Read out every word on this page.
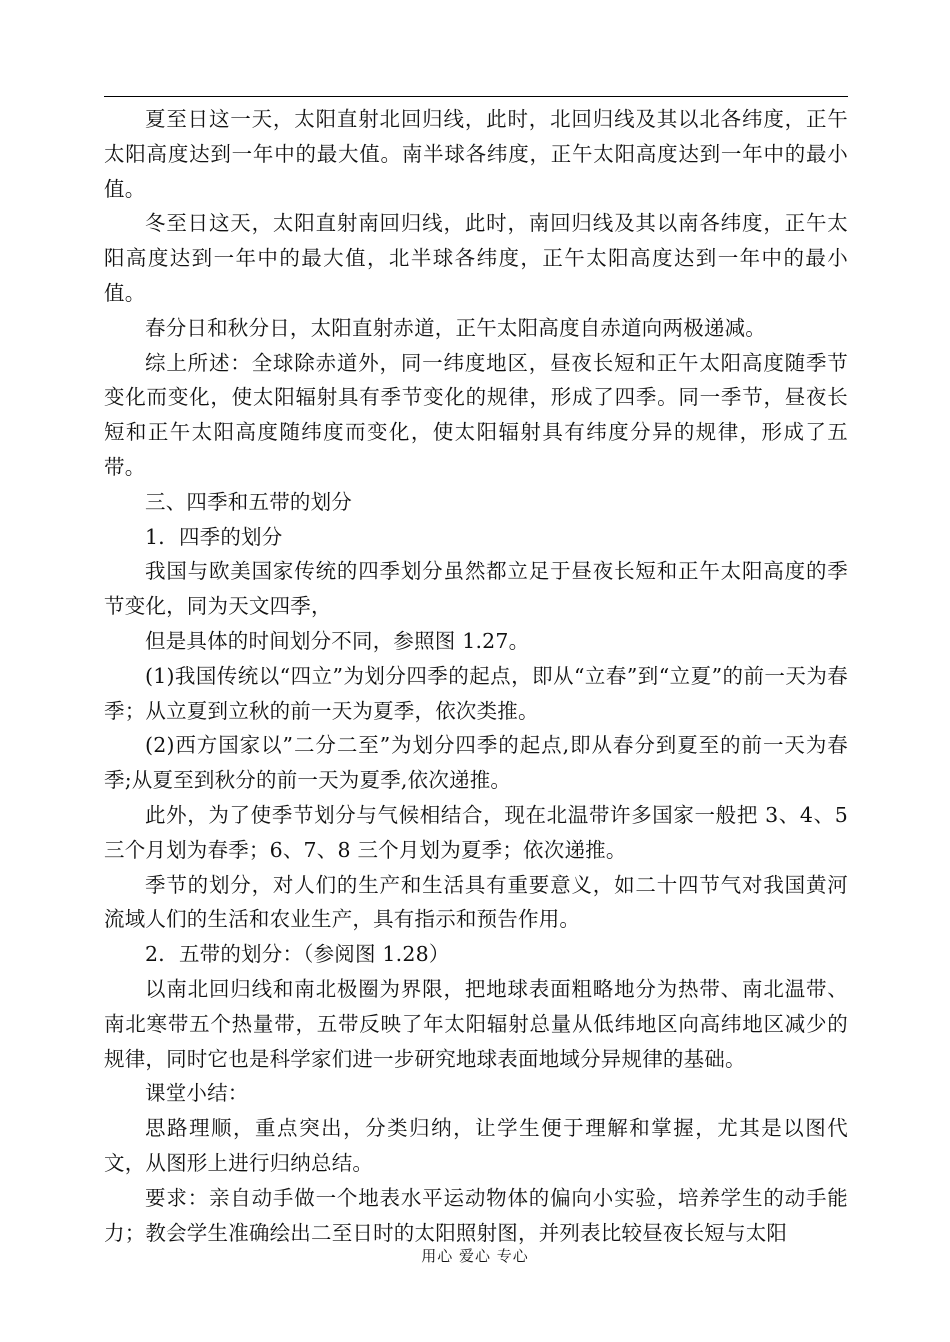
夏至日这一天，太阳直射北回归线，此时，北回归线及其以北各纬度，正午太阳高度达到一年中的最大值。南半球各纬度，正午太阳高度达到一年中的最小值。

冬至日这天，太阳直射南回归线，此时，南回归线及其以南各纬度，正午太阳高度达到一年中的最大值，北半球各纬度，正午太阳高度达到一年中的最小值。

春分日和秋分日，太阳直射赤道，正午太阳高度自赤道向两极递减。

综上所述：全球除赤道外，同一纬度地区，昼夜长短和正午太阳高度随季节变化而变化，使太阳辐射具有季节变化的规律，形成了四季。同一季节，昼夜长短和正午太阳高度随纬度而变化，使太阳辐射具有纬度分异的规律，形成了五带。

三、四季和五带的划分

1．四季的划分

我国与欧美国家传统的四季划分虽然都立足于昼夜长短和正午太阳高度的季节变化，同为天文四季，

但是具体的时间划分不同，参照图 1.27。

(1)我国传统以“四立”为划分四季的起点，即从“立春”到“立夏”的前一天为春季；从立夏到立秋的前一天为夏季，依次类推。

(2)西方国家以”二分二至”为划分四季的起点,即从春分到夏至的前一天为春季;从夏至到秋分的前一天为夏季,依次递推。

此外，为了使季节划分与气候相结合，现在北温带许多国家一般把 3、4、5 三个月划为春季；6、7、8 三个月划为夏季；依次递推。

季节的划分，对人们的生产和生活具有重要意义，如二十四节气对我国黄河流域人们的生活和农业生产，具有指示和预告作用。

2．五带的划分：（参阅图 1.28）

以南北回归线和南北极圈为界限，把地球表面粗略地分为热带、南北温带、南北寒带五个热量带，五带反映了年太阳辐射总量从低纬地区向高纬地区减少的规律，同时它也是科学家们进一步研究地球表面地域分异规律的基础。

课堂小结：

思路理顺，重点突出，分类归纳，让学生便于理解和掌握，尤其是以图代文，从图形上进行归纳总结。

要求：亲自动手做一个地表水平运动物体的偏向小实验，培养学生的动手能力；教会学生准确绘出二至日时的太阳照射图，并列表比较昼夜长短与太阳

用心 爱心 专心
